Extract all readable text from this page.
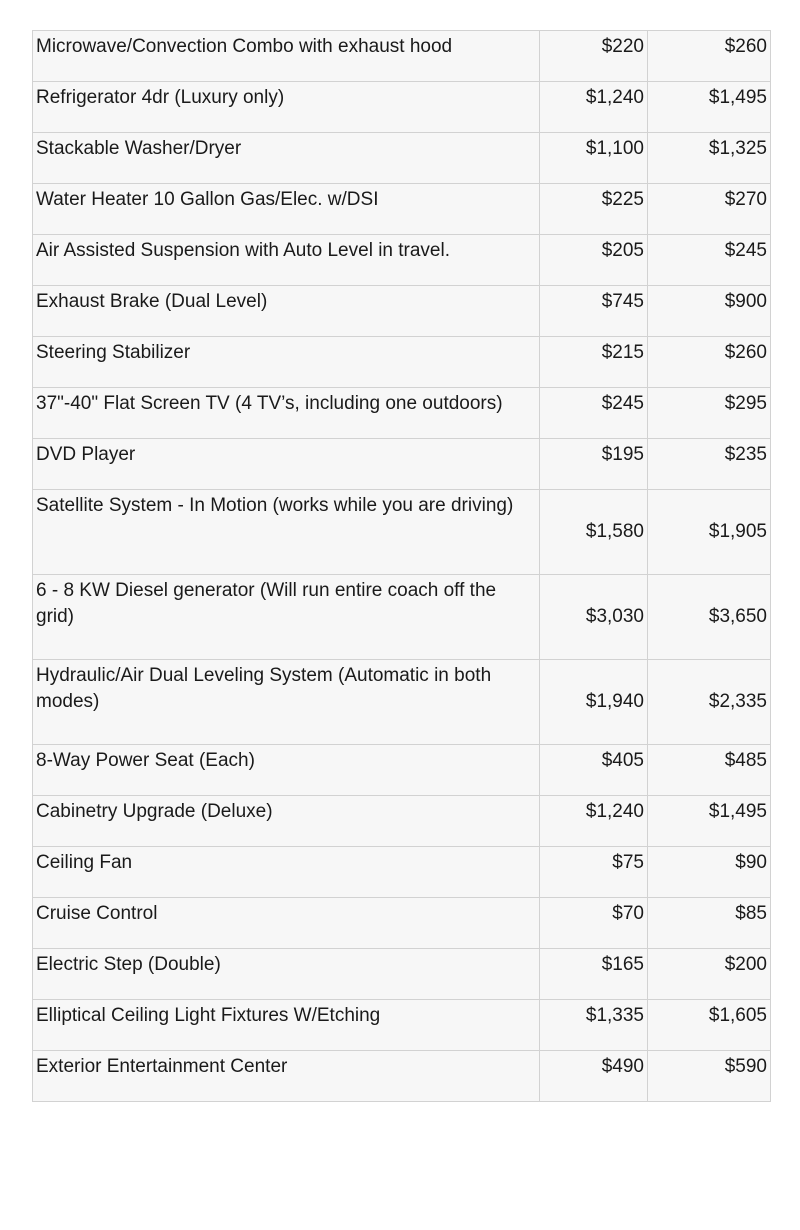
Microwave/Convection Combo with exhaust hood	$220	$260
Refrigerator 4dr (Luxury only)	$1,240	$1,495
Stackable Washer/Dryer	$1,100	$1,325
Water Heater 10 Gallon Gas/Elec. w/DSI	$225	$270
Air Assisted Suspension with Auto Level in travel.	$205	$245
Exhaust Brake (Dual Level)	$745	$900
Steering Stabilizer	$215	$260
37"-40" Flat Screen TV (4 TV’s, including one outdoors)	$245	$295
DVD Player	$195	$235
Satellite System - In Motion (works while you are driving)	$1,580	$1,905
6 - 8 KW Diesel generator (Will run entire coach off the grid)	$3,030	$3,650
Hydraulic/Air Dual Leveling System (Automatic in both modes)	$1,940	$2,335
8-Way Power Seat (Each)	$405	$485
Cabinetry Upgrade (Deluxe)	$1,240	$1,495
Ceiling Fan	$75	$90
Cruise Control	$70	$85
Electric Step (Double)	$165	$200
Elliptical Ceiling Light Fixtures W/Etching	$1,335	$1,605
Exterior Entertainment Center	$490	$590
